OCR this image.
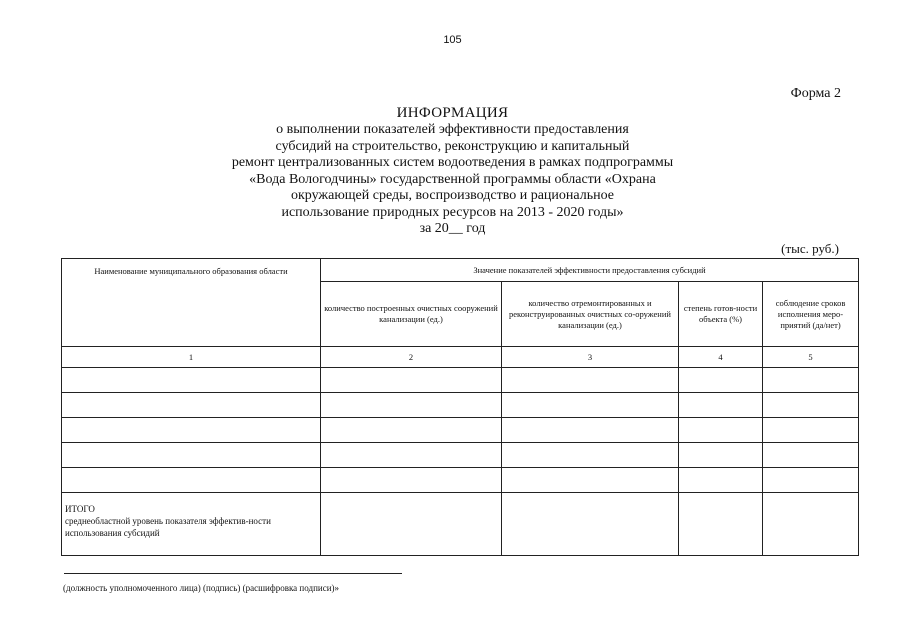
105
Форма 2
ИНФОРМАЦИЯ
о выполнении показателей эффективности предоставления
субсидий на строительство, реконструкцию и капитальный
ремонт централизованных систем водоотведения в рамках подпрограммы
«Вода Вологодчины» государственной программы области «Охрана
окружающей среды, воспроизводство и рациональное
использование природных ресурсов на 2013 - 2020 годы»
за 20__ год
(тыс. руб.)
Наименование муниципального образования области	Значение показателей эффективности предоставления субсидий			
	количество построенных очистных сооружений канализации (ед.)	количество отремонтированных и реконструированных очистных со-оружений канализации (ед.)	степень готов-ности объекта (%)	соблюдение сроков исполнения меро-приятий (да/нет)
1	2	3	4	5

ИТОГО
среднеобластной уровень показателя эффектив-ности использования субсидий				

(должность уполномоченного лица) (подпись) (расшифровка подписи)»
